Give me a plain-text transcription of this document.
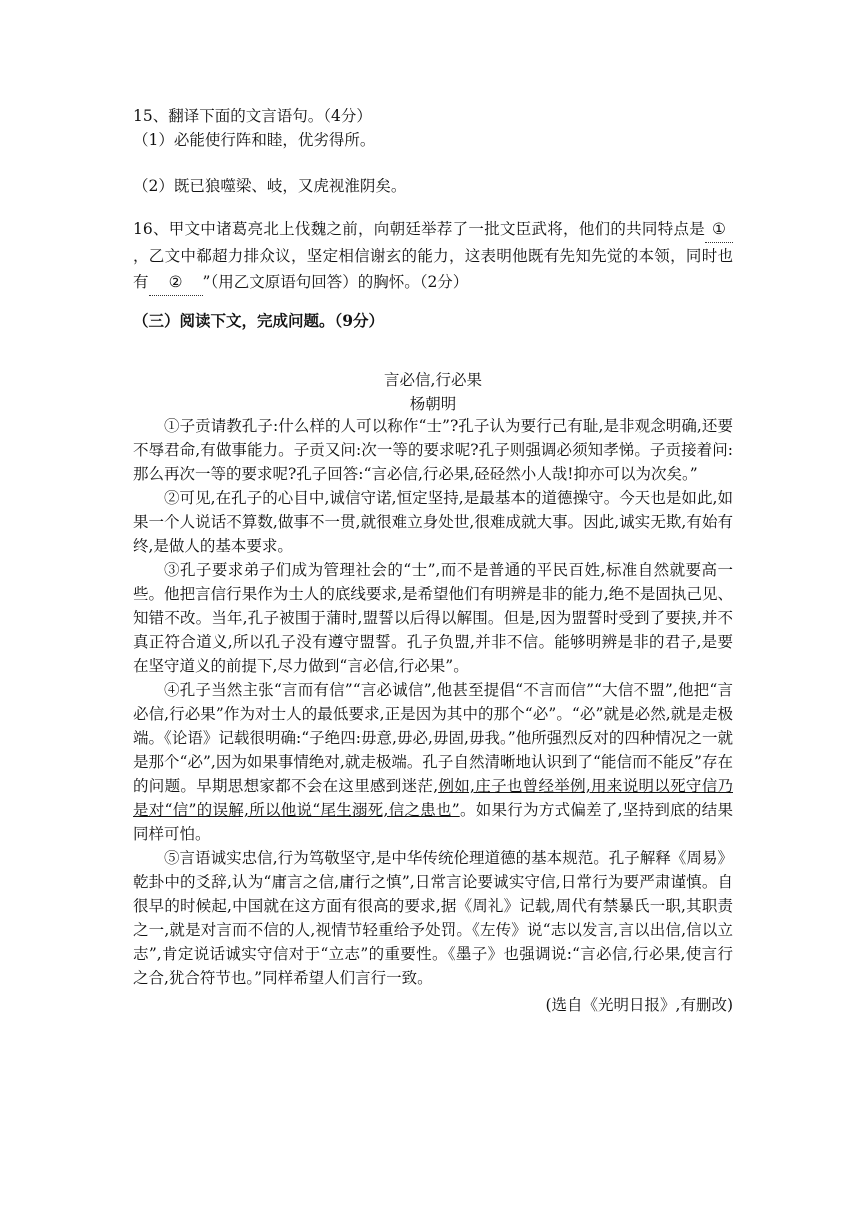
15、翻译下面的文言语句。（4分）
（1）必能使行阵和睦，优劣得所。
（2）既已狼噬梁、岐，又虎视淮阴矣。
16、甲文中诸葛亮北上伐魏之前，向朝廷举荐了一批文臣武将，他们的共同特点是 ①，乙文中郗超力排众议，坚定相信谢玄的能力，这表明他既有先知先觉的本领，同时也有 ② ”（用乙文原语句回答）的胸怀。（2分）
（三）阅读下文，完成问题。（9分）
言必信,行必果
杨朝明

①子贡请教孔子:什么样的人可以称作“士”?孔子认为要行己有耻,是非观念明确,还要不辱君命,有做事能力。子贡又问:次一等的要求呢?孔子则强调必须知孝悌。子贡接着问:那么再次一等的要求呢?孔子回答:“言必信,行必果,硁硁然小人哉!抑亦可以为次矣。”

②可见,在孔子的心目中,诚信守诺,恒定坚持,是最基本的道德操守。今天也是如此,如果一个人说话不算数,做事不一贯,就很难立身处世,很难成就大事。因此,诚实无欺,有始有终,是做人的基本要求。

③孔子要求弟子们成为管理社会的“士”,而不是普通的平民百姓,标准自然就要高一些。他把言信行果作为士人的底线要求,是希望他们有明辨是非的能力,绝不是固执己见、知错不改。当年,孔子被围于蒲时,盟誓以后得以解围。但是,因为盟誓时受到了要挟,并不真正符合道义,所以孔子没有遵守盟誓。孔子负盟,并非不信。能够明辨是非的君子,是要在坚守道义的前提下,尽力做到“言必信,行必果”。

④孔子当然主张“言而有信”“言必诚信”,他甚至提倡“不言而信”“大信不盟”,他把“言必信,行必果”作为对士人的最低要求,正是因为其中的那个“必”。“必”就是必然,就是走极端。《论语》记载很明确:“子绝四:毋意,毋必,毋固,毋我。”他所强烈反对的四种情况之一就是那个“必”,因为如果事情绝对,就走极端。孔子自然清晰地认识到了“能信而不能反”存在的问题。早期思想家都不会在这里感到迷茫,例如,庄子也曾经举例,用来说明以死守信乃是对“信”的误解,所以他说“尾生溺死,信之患也”。如果行为方式偏差了,坚持到底的结果同样可怕。

⑤言语诚实忠信,行为笃敬坚守,是中华传统伦理道德的基本规范。孔子解释《周易》乾卦中的爻辞,认为“庸言之信,庸行之慎”,日常言论要诚实守信,日常行为要严肃谨慎。自很早的时候起,中国就在这方面有很高的要求,据《周礼》记载,周代有禁暴氏一职,其职责之一,就是对言而不信的人,视情节轻重给予处罚。《左传》说“志以发言,言以出信,信以立志”,肯定说话诚实守信对于“立志”的重要性。《墨子》也强调说:“言必信,行必果,使言行之合,犹合符节也。”同样希望人们言行一致。

(选自《光明日报》,有删改)
